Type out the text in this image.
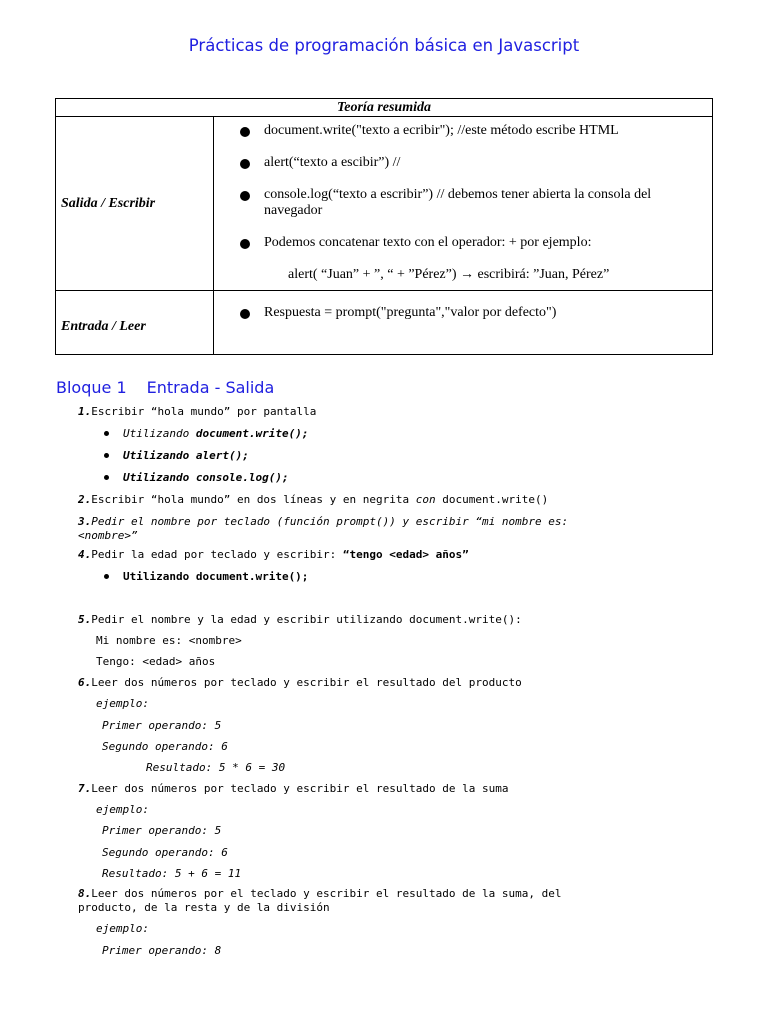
Prácticas de programación básica en Javascript
Teoría resumida	
Salida / Escribir	document.write("texto a ecribir"); //este método escribe HTML
alert(“texto a escibir”) //
console.log(“texto a escribir”) // debemos tener abierta la consola del navegador
Podemos concatenar texto con el operador: + por ejemplo:
alert( “Juan” + ”, “ + ”Pérez”) → escribirá: ”Juan, Pérez”

Entrada / Leer	Respuesta = prompt("pregunta","valor por defecto")
Bloque 1 Entrada - Salida
1.Escribir “hola mundo” por pantalla
Utilizando document.write();
Utilizando alert();
Utilizando console.log();
2.Escribir “hola mundo” en dos líneas y en negrita con document.write()
3.Pedir el nombre por teclado (función prompt()) y escribir “mi nombre es:
<nombre>”
4.Pedir la edad por teclado y escribir: “tengo <edad> años”
Utilizando document.write();
5.Pedir el nombre y la edad y escribir utilizando document.write():
Mi nombre es: <nombre>
Tengo: <edad> años
6.Leer dos números por teclado y escribir el resultado del producto
ejemplo:
Primer operando: 5
Segundo operando: 6
Resultado: 5 * 6 = 30
7.Leer dos números por teclado y escribir el resultado de la suma
ejemplo:
Primer operando: 5
Segundo operando: 6
Resultado: 5 + 6 = 11
8.Leer dos números por el teclado y escribir el resultado de la suma, del
producto, de la resta y de la división
ejemplo:
Primer operando: 8
